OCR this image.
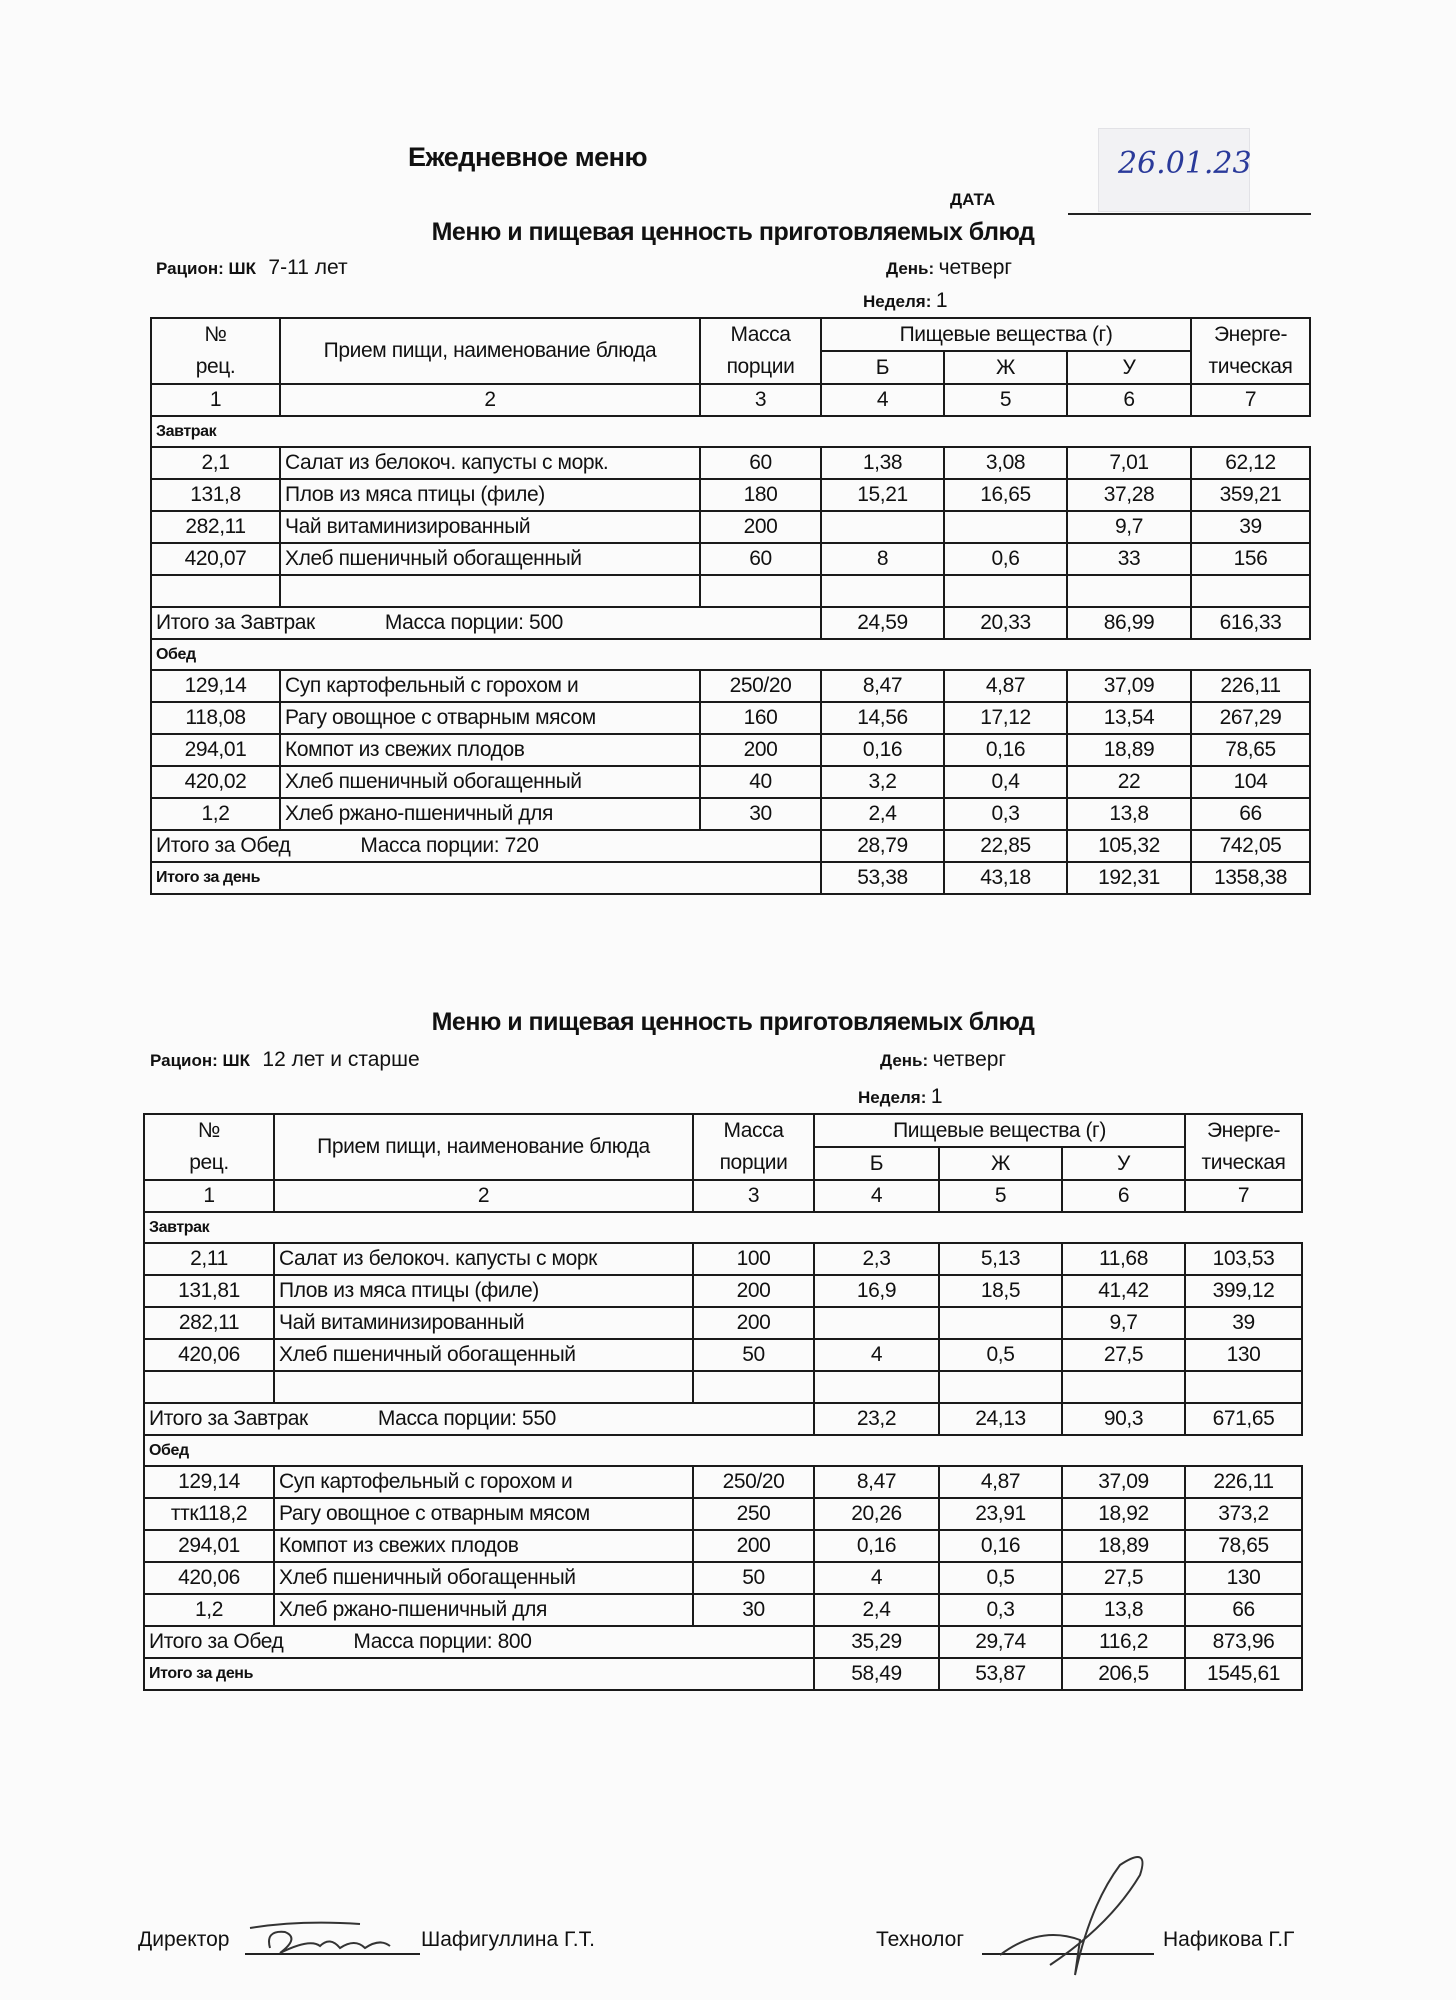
Ежедневное меню	26.01.23
ДАТА
Меню и пищевая ценность приготовляемых блюд
Рацион: ШК 7-11 лет	День: четверг
Неделя: 1
№
рец.	Прием пищи, наименование блюда	Масса
порции	Пищевые вещества (г)			Энерге-
тическая
			Б	Ж	У	
1	2	3	4	5	6	7
Завтрак						
2,1	Салат из белокоч. капусты с морк.	60	1,38	3,08	7,01	62,12
131,8	Плов из мяса птицы (филе)	180	15,21	16,65	37,28	359,21
282,11	Чай витаминизированный	200			9,7	39
420,07	Хлеб пшеничный обогащенный	60	8	0,6	33	156

Итого за Завтрак Масса порции: 500			24,59	20,33	86,99	616,33
Обед						
129,14	Суп картофельный с горохом и	250/20	8,47	4,87	37,09	226,11
118,08	Рагу овощное с отварным мясом	160	14,56	17,12	13,54	267,29
294,01	Компот из свежих плодов	200	0,16	0,16	18,89	78,65
420,02	Хлеб пшеничный обогащенный	40	3,2	0,4	22	104
1,2	Хлеб ржано-пшеничный для	30	2,4	0,3	13,8	66
Итого за Обед Масса порции: 720			28,79	22,85	105,32	742,05
Итого за день			53,38	43,18	192,31	1358,38
Меню и пищевая ценность приготовляемых блюд
Рацион: ШК 12 лет и старше	День: четверг
Неделя: 1
№
рец.	Прием пищи, наименование блюда	Масса
порции	Пищевые вещества (г)			Энерге-
тическая
			Б	Ж	У	
1	2	3	4	5	6	7
Завтрак						
2,11	Салат из белокоч. капусты с морк	100	2,3	5,13	11,68	103,53
131,81	Плов из мяса птицы (филе)	200	16,9	18,5	41,42	399,12
282,11	Чай витаминизированный	200			9,7	39
420,06	Хлеб пшеничный обогащенный	50	4	0,5	27,5	130

Итого за Завтрак Масса порции: 550			23,2	24,13	90,3	671,65
Обед						
129,14	Суп картофельный с горохом и	250/20	8,47	4,87	37,09	226,11
ттк118,2	Рагу овощное с отварным мясом	250	20,26	23,91	18,92	373,2
294,01	Компот из свежих плодов	200	0,16	0,16	18,89	78,65
420,06	Хлеб пшеничный обогащенный	50	4	0,5	27,5	130
1,2	Хлеб ржано-пшеничный для	30	2,4	0,3	13,8	66
Итого за Обед Масса порции: 800			35,29	29,74	116,2	873,96
Итого за день			58,49	53,87	206,5	1545,61
Директор	Шафигуллина Г.Т.	Технолог	Нафикова Г.Г
